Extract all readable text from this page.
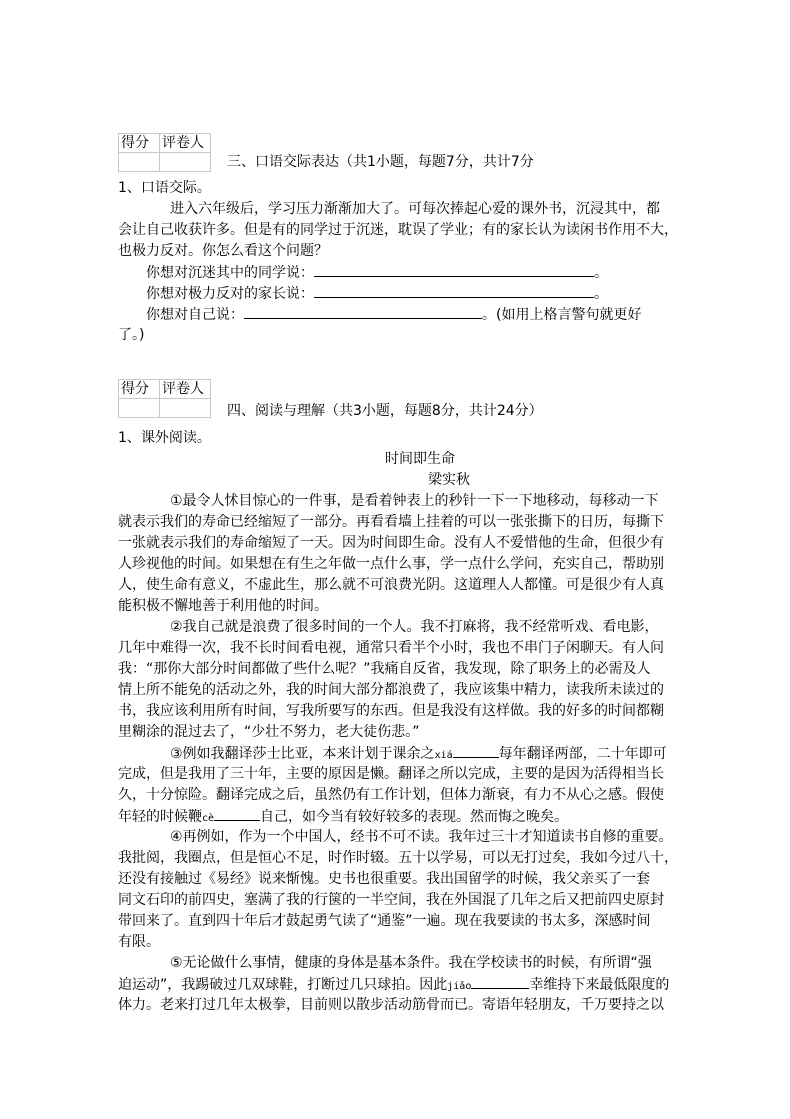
得分	评卷人

三、口语交际表达（共1小题，每题7分，共计7分
1、口语交际。
进入六年级后，学习压力渐渐加大了。可每次捧起心爱的课外书，沉浸其中，都
会让自己收获许多。但是有的同学过于沉迷，耽误了学业；有的家长认为读闲书作用不大，
也极力反对。你怎么看这个问题？
你想对沉迷其中的同学说：	。
你想对极力反对的家长说：	。
你想对自己说：	。(如用上格言警句就更好
了。)
得分	评卷人

四、阅读与理解（共3小题，每题8分，共计24分）
1、课外阅读。
时间即生命
梁实秋
①最令人怵目惊心的一件事，是看着钟表上的秒针一下一下地移动，每移动一下
就表示我们的寿命已经缩短了一部分。再看看墙上挂着的可以一张张撕下的日历，每撕下
一张就表示我们的寿命缩短了一天。因为时间即生命。没有人不爱惜他的生命，但很少有
人珍视他的时间。如果想在有生之年做一点什么事，学一点什么学问，充实自己，帮助别
人，使生命有意义，不虚此生，那么就不可浪费光阴。这道理人人都懂。可是很少有人真
能积极不懈地善于利用他的时间。
②我自己就是浪费了很多时间的一个人。我不打麻将，我不经常听戏、看电影，
几年中难得一次，我不长时间看电视，通常只看半个小时，我也不串门子闲聊天。有人问
我：“那你大部分时间都做了些什么呢？”我痛自反省，我发现，除了职务上的必需及人
情上所不能免的活动之外，我的时间大部分都浪费了，我应该集中精力，读我所未读过的
书，我应该利用所有时间，写我所要写的东西。但是我没有这样做。我的好多的时间都糊
里糊涂的混过去了，“少壮不努力，老大徒伤悲。”
③例如我翻译莎士比亚，本来计划于课余之xiá	每年翻译两部，二十年即可
完成，但是我用了三十年，主要的原因是懒。翻译之所以完成，主要的是因为活得相当长
久，十分惊险。翻译完成之后，虽然仍有工作计划，但体力渐衰，有力不从心之感。假使
年轻的时候鞭cè	自己，如今当有较好较多的表现。然而悔之晚矣。
④再例如，作为一个中国人，经书不可不读。我年过三十才知道读书自修的重要。
我批阅，我圈点，但是恒心不足，时作时辍。五十以学易，可以无打过矣，我如今过八十，
还没有接触过《易经》说来惭愧。史书也很重要。我出国留学的时候，我父亲买了一套
同文石印的前四史，塞满了我的行箧的一半空间，我在外国混了几年之后又把前四史原封
带回来了。直到四十年后才鼓起勇气读了“通鉴”一遍。现在我要读的书太多，深感时间
有限。
⑤无论做什么事情，健康的身体是基本条件。我在学校读书的时候，有所谓“强
迫运动”，我踢破过几双球鞋，打断过几只球拍。因此jiǎo	幸维持下来最低限度的
体力。老来打过几年太极拳，目前则以散步活动筋骨而已。寄语年轻朋友，千万要持之以
